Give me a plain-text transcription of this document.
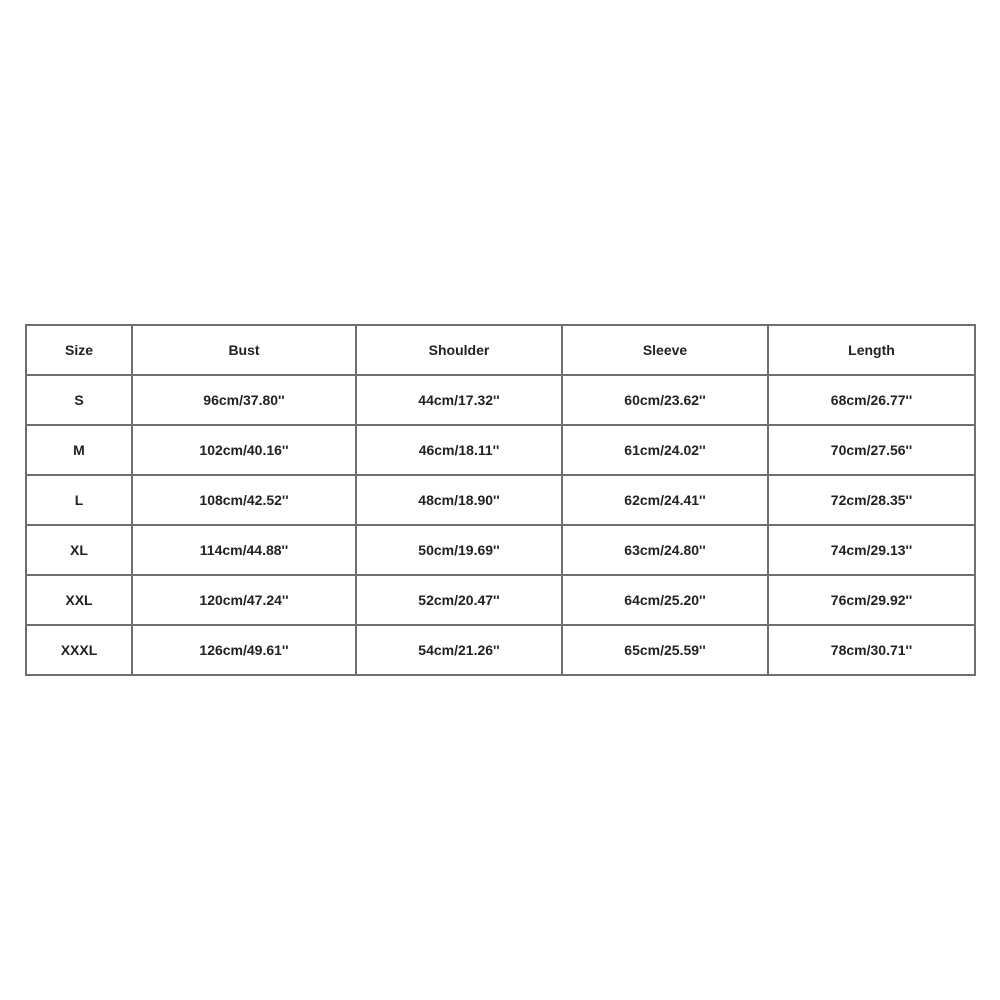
Size	Bust	Shoulder	Sleeve	Length
S	96cm/37.80''	44cm/17.32''	60cm/23.62''	68cm/26.77''
M	102cm/40.16''	46cm/18.11''	61cm/24.02''	70cm/27.56''
L	108cm/42.52''	48cm/18.90''	62cm/24.41''	72cm/28.35''
XL	114cm/44.88''	50cm/19.69''	63cm/24.80''	74cm/29.13''
XXL	120cm/47.24''	52cm/20.47''	64cm/25.20''	76cm/29.92''
XXXL	126cm/49.61''	54cm/21.26''	65cm/25.59''	78cm/30.71''
